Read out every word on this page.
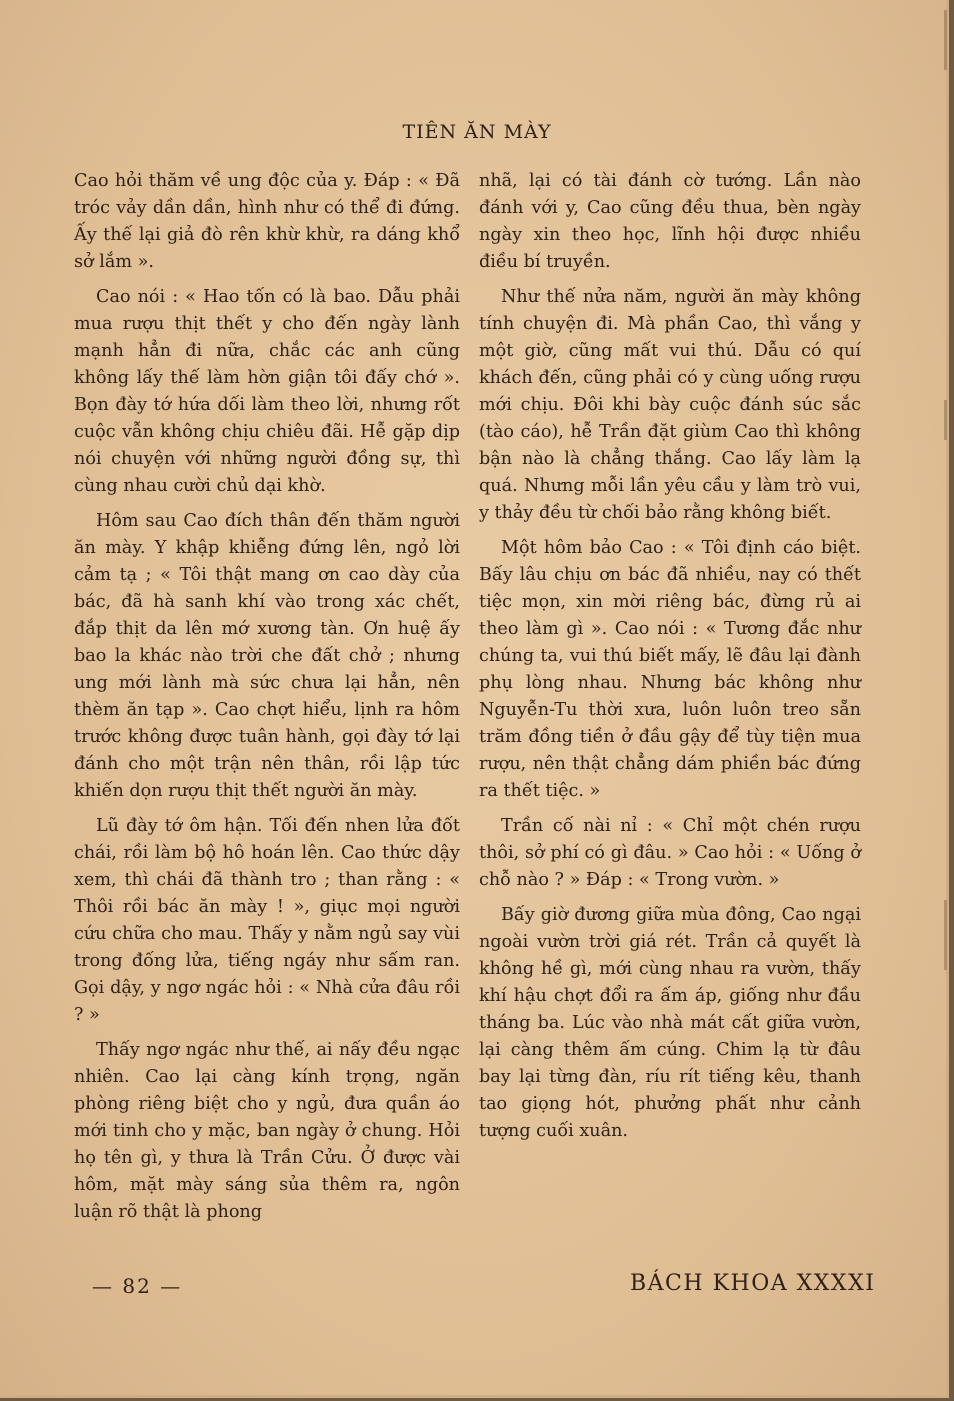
TIÊN ĂN MÀY

Cao hỏi thăm về ung độc của y. Đáp : « Đã tróc vảy dần dần, hình như có thể đi đứng. Ấy thế lại giả đò rên khừ khừ, ra dáng khổ sở lắm ».

Cao nói : « Hao tốn có là bao. Dẫu phải mua rượu thịt thết y cho đến ngày lành mạnh hẳn đi nữa, chắc các anh cũng không lấy thế làm hờn giận tôi đấy chớ ». Bọn đày tớ hứa dối làm theo lời, nhưng rốt cuộc vẫn không chịu chiêu đãi. Hễ gặp dịp nói chuyện với những người đồng sự, thì cùng nhau cười chủ dại khờ.

Hôm sau Cao đích thân đến thăm người ăn mày. Y khập khiễng đứng lên, ngỏ lời cảm tạ ; « Tôi thật mang ơn cao dày của bác, đã hà sanh khí vào trong xác chết, đắp thịt da lên mớ xương tàn. Ơn huệ ấy bao la khác nào trời che đất chở ; nhưng ung mới lành mà sức chưa lại hẳn, nên thèm ăn tạp ». Cao chợt hiểu, lịnh ra hôm trước không được tuân hành, gọi đày tớ lại đánh cho một trận nên thân, rồi lập tức khiến dọn rượu thịt thết người ăn mày.

Lũ đày tớ ôm hận. Tối đến nhen lửa đốt chái, rồi làm bộ hô hoán lên. Cao thức dậy xem, thì chái đã thành tro ; than rằng : « Thôi rồi bác ăn mày ! », giục mọi người cứu chữa cho mau. Thấy y nằm ngủ say vùi trong đống lửa, tiếng ngáy như sấm ran. Gọi dậy, y ngơ ngác hỏi : « Nhà cửa đâu rồi ? »

Thấy ngơ ngác như thế, ai nấy đều ngạc nhiên. Cao lại càng kính trọng, ngăn phòng riêng biệt cho y ngủ, đưa quần áo mới tinh cho y mặc, ban ngày ở chung. Hỏi họ tên gì, y thưa là Trần Cửu. Ở được vài hôm, mặt mày sáng sủa thêm ra, ngôn luận rõ thật là phong

nhã, lại có tài đánh cờ tướng. Lần nào đánh với y, Cao cũng đều thua, bèn ngày ngày xin theo học, lĩnh hội được nhiều điều bí truyền.

Như thế nửa năm, người ăn mày không tính chuyện đi. Mà phần Cao, thì vắng y một giờ, cũng mất vui thú. Dẫu có quí khách đến, cũng phải có y cùng uống rượu mới chịu. Đôi khi bày cuộc đánh súc sắc (tào cáo), hễ Trần đặt giùm Cao thì không bận nào là chẳng thắng. Cao lấy làm lạ quá. Nhưng mỗi lần yêu cầu y làm trò vui, y thảy đều từ chối bảo rằng không biết.

Một hôm bảo Cao : « Tôi định cáo biệt. Bấy lâu chịu ơn bác đã nhiều, nay có thết tiệc mọn, xin mời riêng bác, đừng rủ ai theo làm gì ». Cao nói : « Tương đắc như chúng ta, vui thú biết mấy, lẽ đâu lại đành phụ lòng nhau. Nhưng bác không như Nguyễn-Tu thời xưa, luôn luôn treo sẵn trăm đồng tiền ở đầu gậy để tùy tiện mua rượu, nên thật chẳng dám phiền bác đứng ra thết tiệc. »

Trần cố nài nỉ : « Chỉ một chén rượu thôi, sở phí có gì đâu. » Cao hỏi : « Uống ở chỗ nào ? » Đáp : « Trong vườn. »

Bấy giờ đương giữa mùa đông, Cao ngại ngoài vườn trời giá rét. Trần cả quyết là không hề gì, mới cùng nhau ra vườn, thấy khí hậu chợt đổi ra ấm áp, giống như đầu tháng ba. Lúc vào nhà mát cất giữa vườn, lại càng thêm ấm cúng. Chim lạ từ đâu bay lại từng đàn, ríu rít tiếng kêu, thanh tao giọng hót, phưởng phất như cảnh tượng cuối xuân.

— 82 —	BÁCH KHOA XXXXI
